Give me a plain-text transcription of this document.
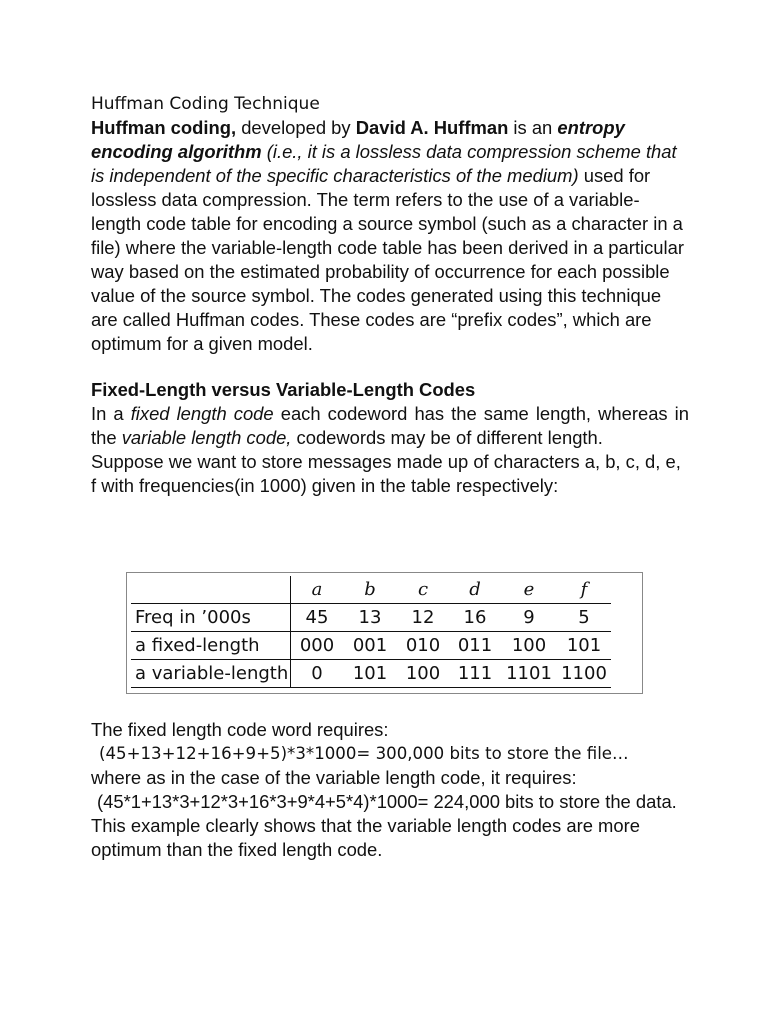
Huffman Coding Technique

Huffman coding, developed by David A. Huffman is an entropy encoding algorithm (i.e., it is a lossless data compression scheme that is independent of the specific characteristics of the medium) used for lossless data compression. The term refers to the use of a variable-length code table for encoding a source symbol (such as a character in a file) where the variable-length code table has been derived in a particular way based on the estimated probability of occurrence for each possible value of the source symbol. The codes generated using this technique are called Huffman codes. These codes are “prefix codes”, which are optimum for a given model.

Fixed-Length versus Variable-Length Codes

In a fixed length code each codeword has the same length, whereas in the variable length code, codewords may be of different length.

Suppose we want to store messages made up of characters a, b, c, d, e, f with frequencies(in 1000) given in the table respectively:

	a	b	c	d	e	f
Freq in ’000s	45	13	12	16	9	5
a fixed-length	000	001	010	011	100	101
a variable-length	0	101	100	111	1101	1100

The fixed length code word requires:

(45+13+12+16+9+5)*3*1000= 300,000 bits to store the file…

where as in the case of the variable length code, it requires:

(45*1+13*3+12*3+16*3+9*4+5*4)*1000= 224,000 bits to store the data.

This example clearly shows that the variable length codes are more optimum than the fixed length code.
